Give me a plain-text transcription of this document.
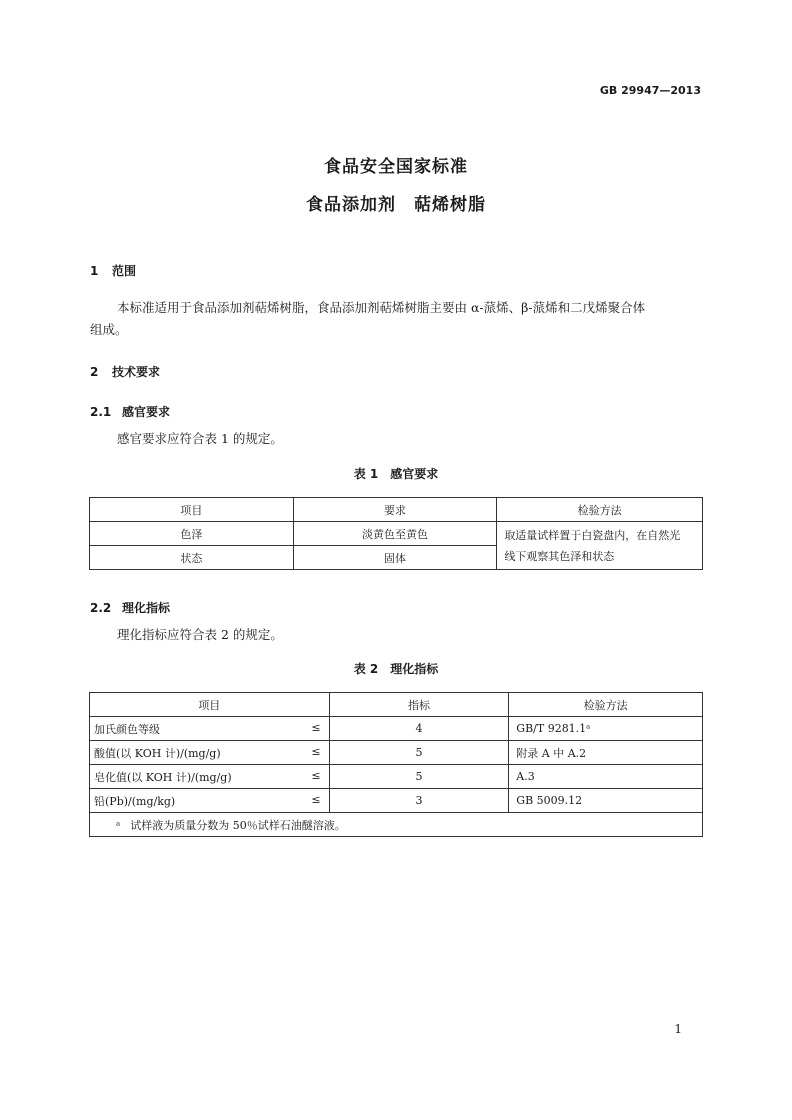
GB 29947—2013
食品安全国家标准
食品添加剂　萜烯树脂
1 范围
本标准适用于食品添加剂萜烯树脂，食品添加剂萜烯树脂主要由 α-蒎烯、β-蒎烯和二戊烯聚合体
组成。
2 技术要求
2.1 感官要求
感官要求应符合表 1 的规定。
表 1　感官要求
项目	要求	检验方法
色泽	淡黄色至黄色	取适量试样置于白瓷盘内，在自然光
线下观察其色泽和状态

状态	固体	
2.2 理化指标
理化指标应符合表 2 的规定。
表 2　理化指标
项目	指标	检验方法
加氏颜色等级 ≤	4	GB/T 9281.1ᵃ
酸值(以 KOH 计)/(mg/g) ≤	5	附录 A 中 A.2
皂化值(以 KOH 计)/(mg/g) ≤	5	A.3
铅(Pb)/(mg/kg) ≤	3	GB 5009.12
ᵃ 试样液为质量分数为 50％试样石油醚溶液。		
1
